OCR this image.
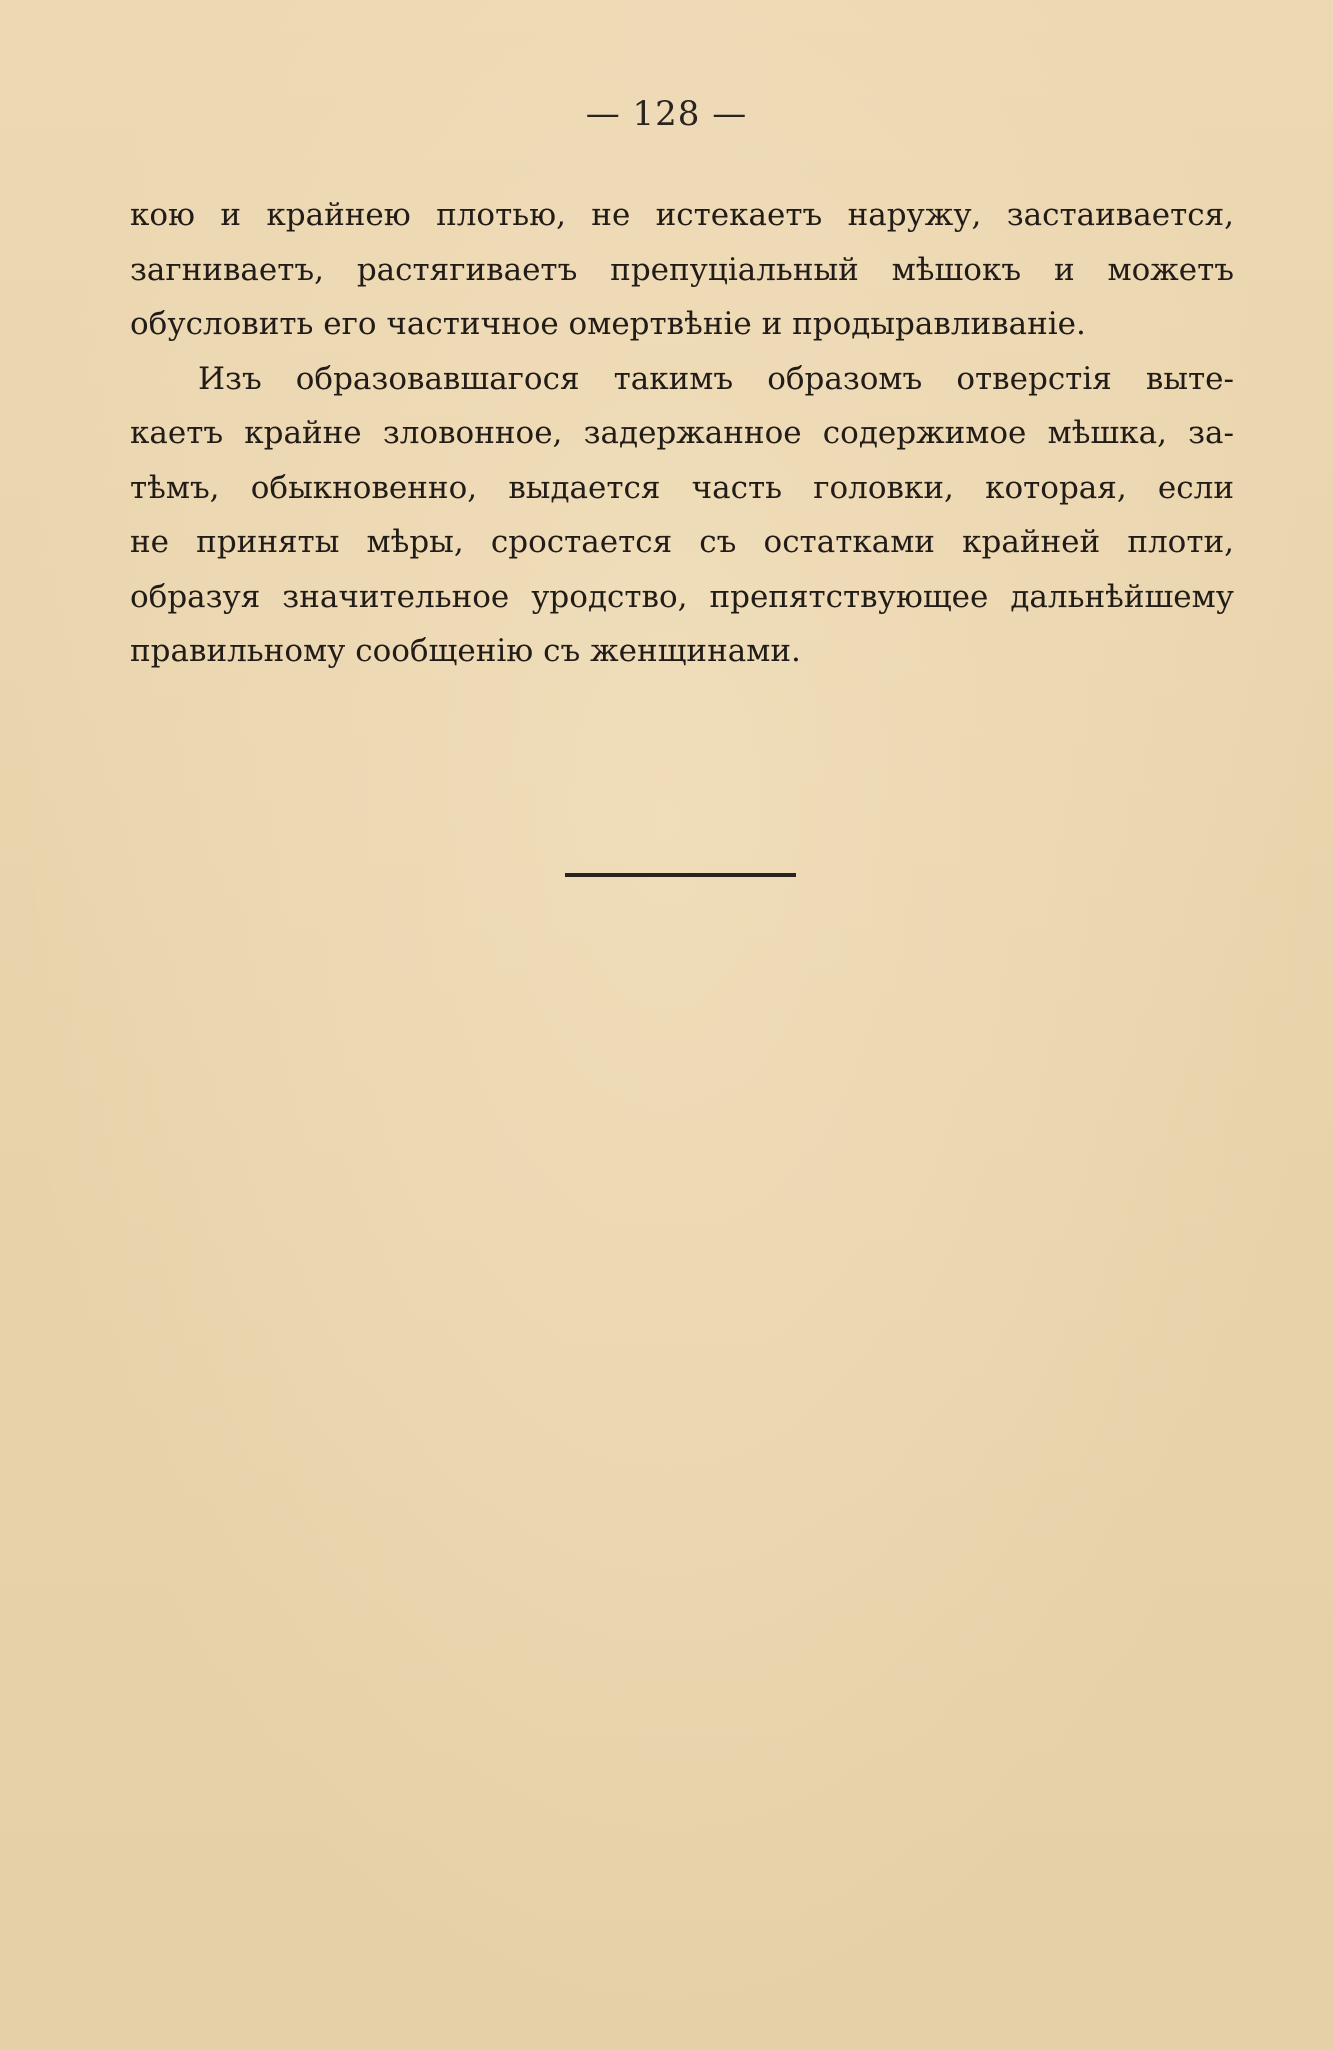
— 128 —
кою и крайнею плотью, не истекаетъ наружу, застаивается,
загниваетъ, растягиваетъ препуціальный мѣшокъ и можетъ
обусловить его частичное омертвѣніе и продыравливаніе.
Изъ образовавшагося такимъ образомъ отверстія выте-
каетъ крайне зловонное, задержанное содержимое мѣшка, за-
тѣмъ, обыкновенно, выдается часть головки, которая, если
не приняты мѣры, сростается съ остатками крайней плоти,
образуя значительное уродство, препятствующее дальнѣйшему
правильному сообщенію съ женщинами.
